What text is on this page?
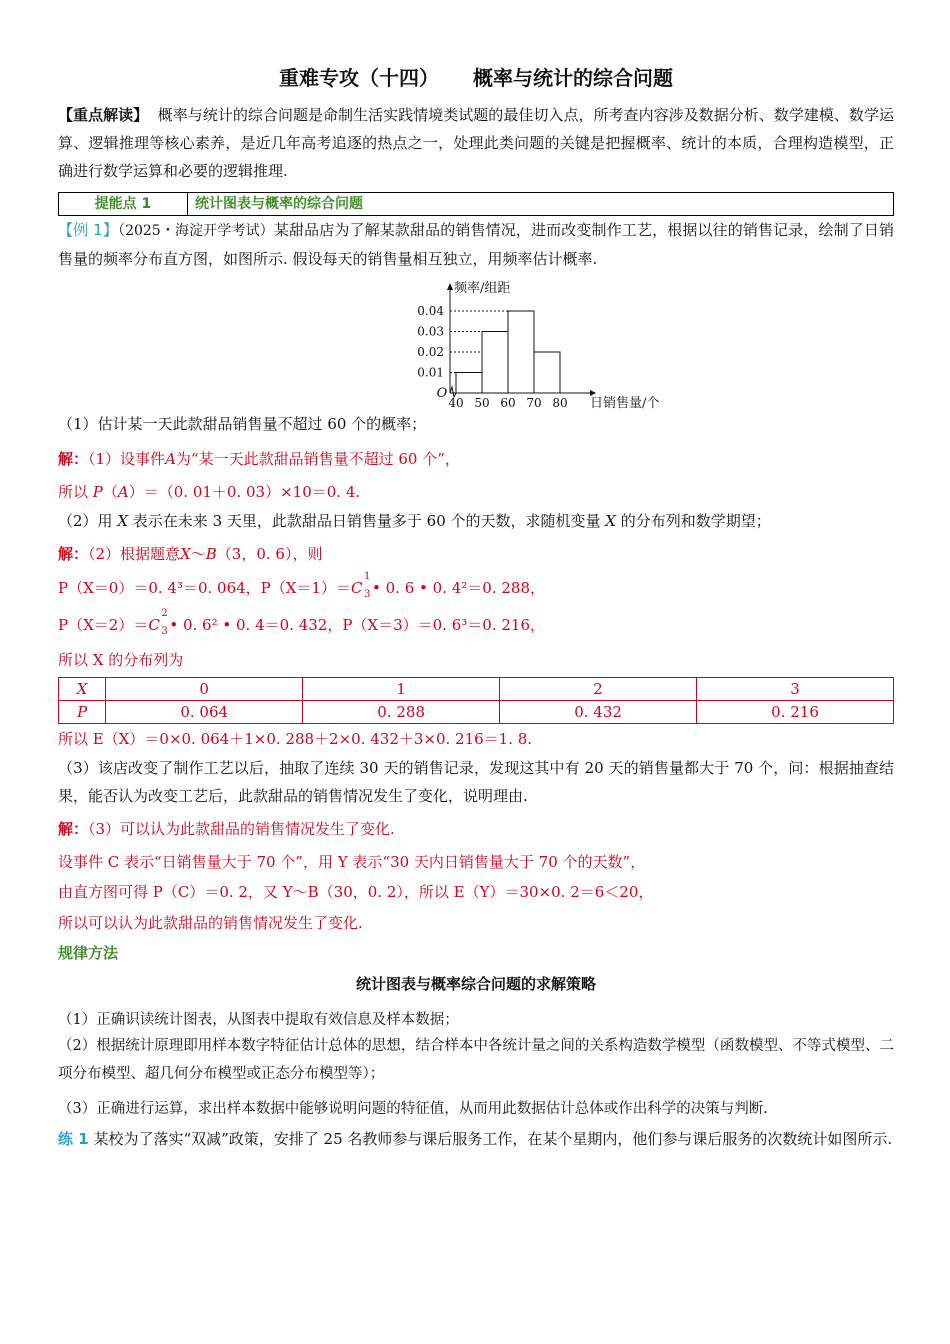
重难专攻（十四） 概率与统计的综合问题
【重点解读】 概率与统计的综合问题是命制生活实践情境类试题的最佳切入点，所考查内容涉及数据分析、数学建模、数学运算、逻辑推理等核心素养，是近几年高考追逐的热点之一，处理此类问题的关键是把握概率、统计的本质，合理构造模型，正确进行数学运算和必要的逻辑推理.
提能点 1	统计图表与概率的综合问题
【例 1】（2025・海淀开学考试）某甜品店为了解某款甜品的销售情况，进而改变制作工艺，根据以往的销售记录，绘制了日销售量的频率分布直方图，如图所示. 假设每天的销售量相互独立，用频率估计概率.
0.04
0.03
0.02
0.01
40 50 60 70 80
O
频率/组距
日销售量/个
（1）估计某一天此款甜品销售量不超过 60 个的概率；
解：（1）设事件A为“某一天此款甜品销售量不超过 60 个”，
所以 P（A）＝（0. 01＋0. 03）×10＝0. 4.
（2）用 X 表示在未来 3 天里，此款甜品日销售量多于 60 个的天数，求随机变量 X 的分布列和数学期望；
解：（2）根据题意X～B（3，0. 6），则
P（X＝0）＝0. 4³＝0. 064，P（X＝1）＝C
1
3 • 0. 6 • 0. 4²＝0. 288，
P（X＝2）＝C
2
3 • 0. 6² • 0. 4＝0. 432，P（X＝3）＝0. 6³＝0. 216，
所以 X 的分布列为
X	0	1	2	3
P	0. 064	0. 288	0. 432	0. 216
所以 E（X）＝0×0. 064＋1×0. 288＋2×0. 432＋3×0. 216＝1. 8.
（3）该店改变了制作工艺以后，抽取了连续 30 天的销售记录，发现这其中有 20 天的销售量都大于 70 个，问：根据抽查结果，能否认为改变工艺后，此款甜品的销售情况发生了变化，说明理由.
解：（3）可以认为此款甜品的销售情况发生了变化.
设事件 C 表示“日销售量大于 70 个”，用 Y 表示“30 天内日销售量大于 70 个的天数”，
由直方图可得 P（C）＝0. 2，又 Y～B（30，0. 2），所以 E（Y）＝30×0. 2＝6＜20，
所以可以认为此款甜品的销售情况发生了变化.
规律方法
统计图表与概率综合问题的求解策略
（1）正确识读统计图表，从图表中提取有效信息及样本数据；
（2）根据统计原理即用样本数字特征估计总体的思想，结合样本中各统计量之间的关系构造数学模型（函数模型、不等式模型、二项分布模型、超几何分布模型或正态分布模型等）；
（3）正确进行运算，求出样本数据中能够说明问题的特征值，从而用此数据估计总体或作出科学的决策与判断.
练 1 某校为了落实“双减”政策，安排了 25 名教师参与课后服务工作，在某个星期内，他们参与课后服务的次数统计如图所示.
